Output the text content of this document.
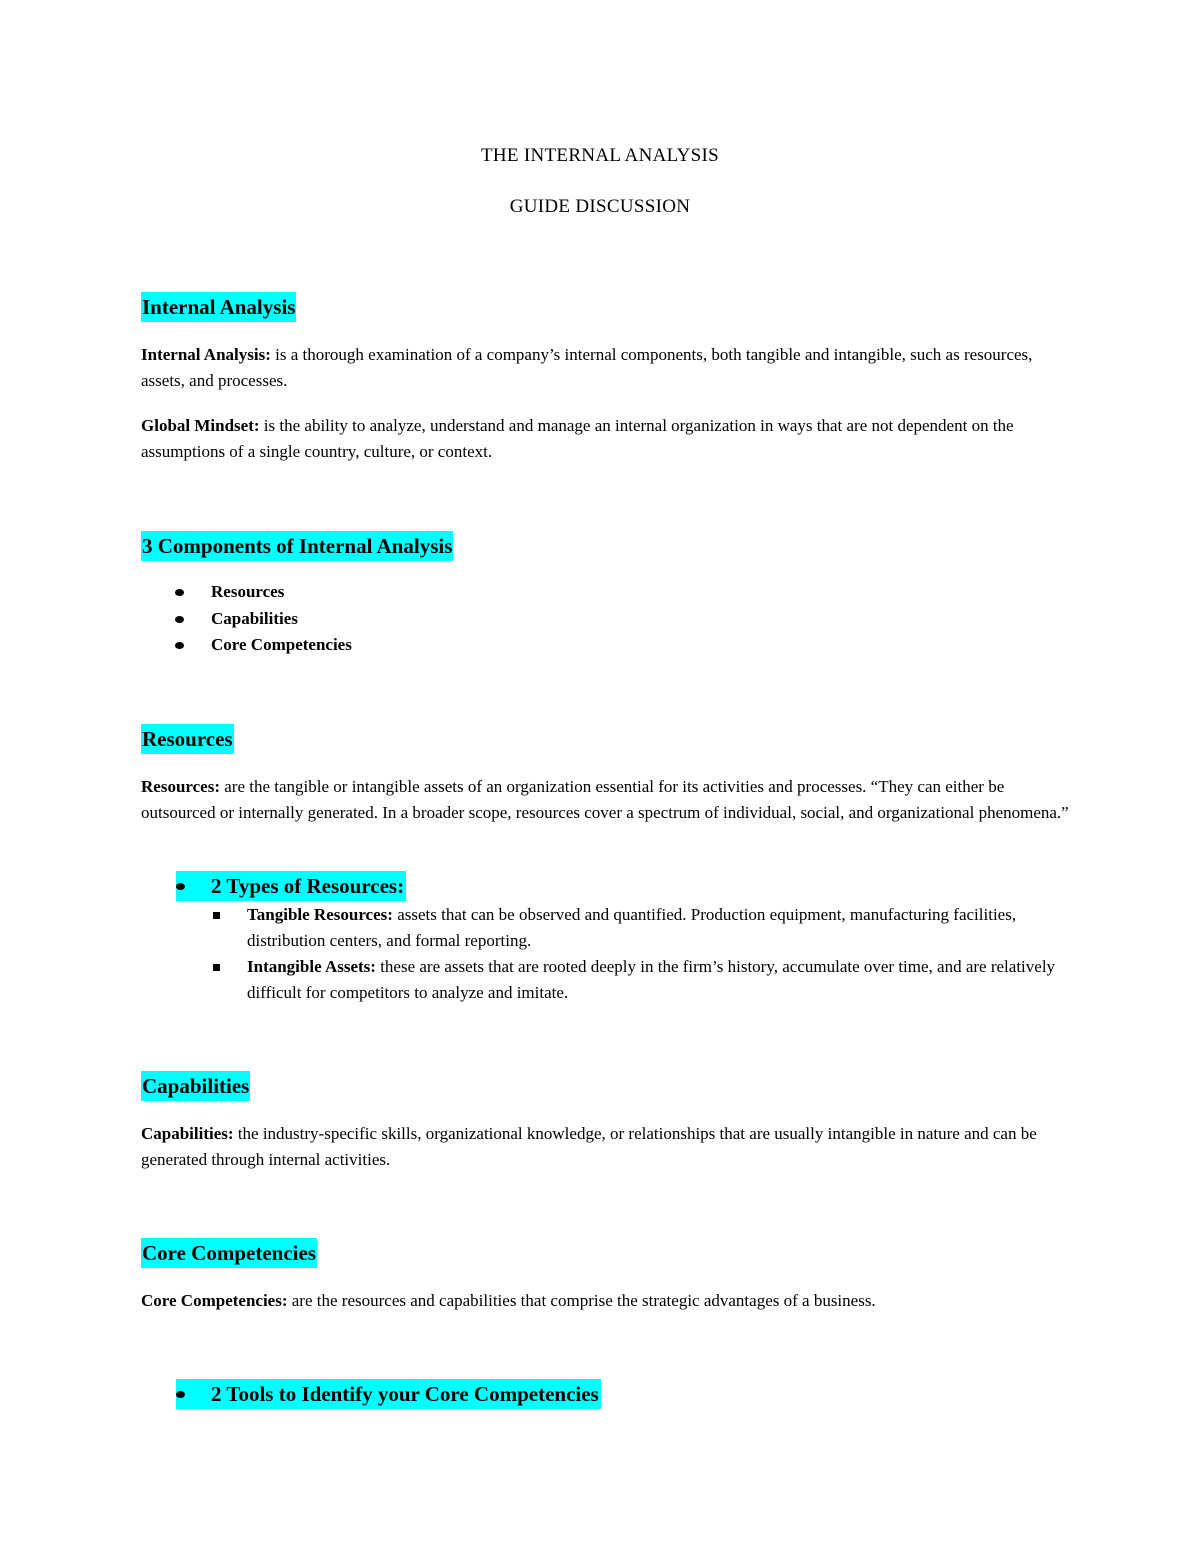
THE INTERNAL ANALYSIS
GUIDE DISCUSSION
Internal Analysis
Internal Analysis: is a thorough examination of a company’s internal components, both tangible and intangible, such as resources, assets, and processes.
Global Mindset: is the ability to analyze, understand and manage an internal organization in ways that are not dependent on the assumptions of a single country, culture, or context.
3 Components of Internal Analysis
Resources
Capabilities
Core Competencies
Resources
Resources: are the tangible or intangible assets of an organization essential for its activities and processes. “They can either be outsourced or internally generated. In a broader scope, resources cover a spectrum of individual, social, and organizational phenomena.”
2 Types of Resources:
Tangible Resources: assets that can be observed and quantified. Production equipment, manufacturing facilities, distribution centers, and formal reporting.
Intangible Assets: these are assets that are rooted deeply in the firm’s history, accumulate over time, and are relatively difficult for competitors to analyze and imitate.
Capabilities
Capabilities: the industry-specific skills, organizational knowledge, or relationships that are usually intangible in nature and can be generated through internal activities.
Core Competencies
Core Competencies: are the resources and capabilities that comprise the strategic advantages of a business.
2 Tools to Identify your Core Competencies
